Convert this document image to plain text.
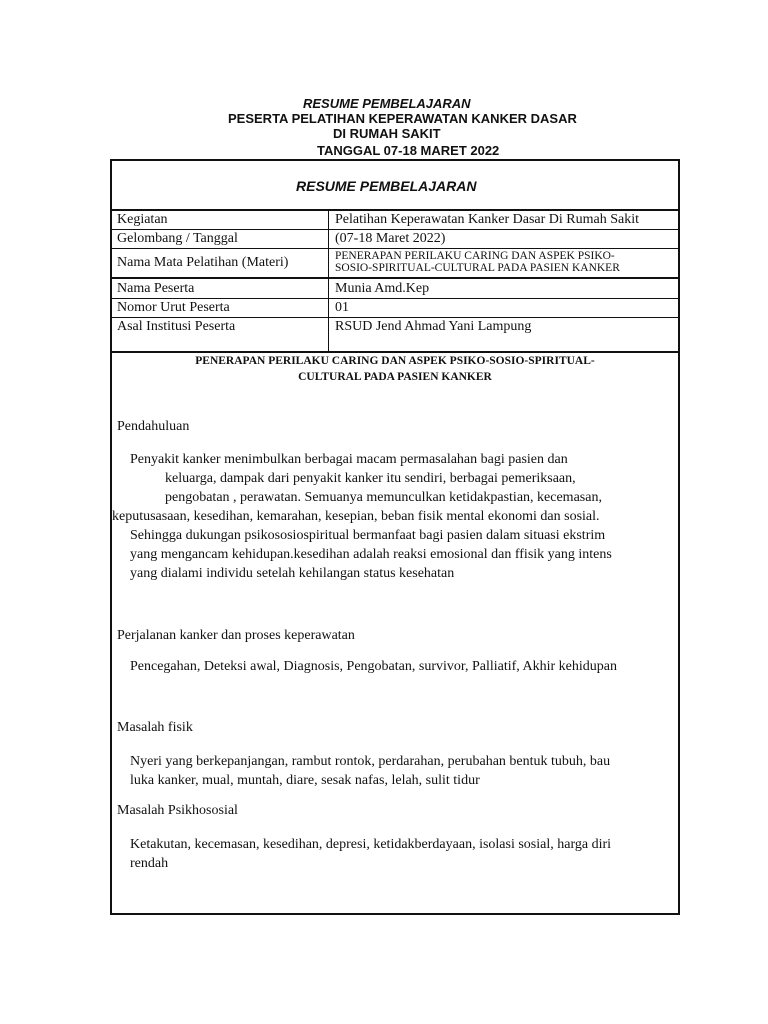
RESUME PEMBELAJARAN
PESERTA PELATIHAN KEPERAWATAN KANKER DASAR
DI RUMAH SAKIT
TANGGAL 07-18 MARET 2022
RESUME PEMBELAJARAN
Kegiatan	Pelatihan Keperawatan Kanker Dasar Di Rumah Sakit
Gelombang / Tanggal	(07-18 Maret 2022)
Nama Mata Pelatihan (Materi)	PENERAPAN PERILAKU CARING DAN ASPEK PSIKO-
SOSIO-SPIRITUAL-CULTURAL PADA PASIEN KANKER
Nama Peserta	Munia Amd.Kep
Nomor Urut Peserta	01
Asal Institusi Peserta	RSUD Jend Ahmad Yani Lampung
PENERAPAN PERILAKU CARING DAN ASPEK PSIKO-SOSIO-SPIRITUAL-
CULTURAL PADA PASIEN KANKER
Pendahuluan
Penyakit kanker menimbulkan berbagai macam permasalahan bagi pasien dan
keluarga, dampak dari penyakit kanker itu sendiri, berbagai pemeriksaan,
pengobatan , perawatan. Semuanya memunculkan ketidakpastian, kecemasan,
keputusasaan, kesedihan, kemarahan, kesepian, beban fisik mental ekonomi dan sosial.
Sehingga dukungan psikososiospiritual bermanfaat bagi pasien dalam situasi ekstrim
yang mengancam kehidupan.kesedihan adalah reaksi emosional dan ffisik yang intens
yang dialami individu setelah kehilangan status kesehatan
Perjalanan kanker dan proses keperawatan
Pencegahan, Deteksi awal, Diagnosis, Pengobatan, survivor, Palliatif, Akhir kehidupan
Masalah fisik
Nyeri yang berkepanjangan, rambut rontok, perdarahan, perubahan bentuk tubuh, bau
luka kanker, mual, muntah, diare, sesak nafas, lelah, sulit tidur
Masalah Psikhososial
Ketakutan, kecemasan, kesedihan, depresi, ketidakberdayaan, isolasi sosial, harga diri
rendah
